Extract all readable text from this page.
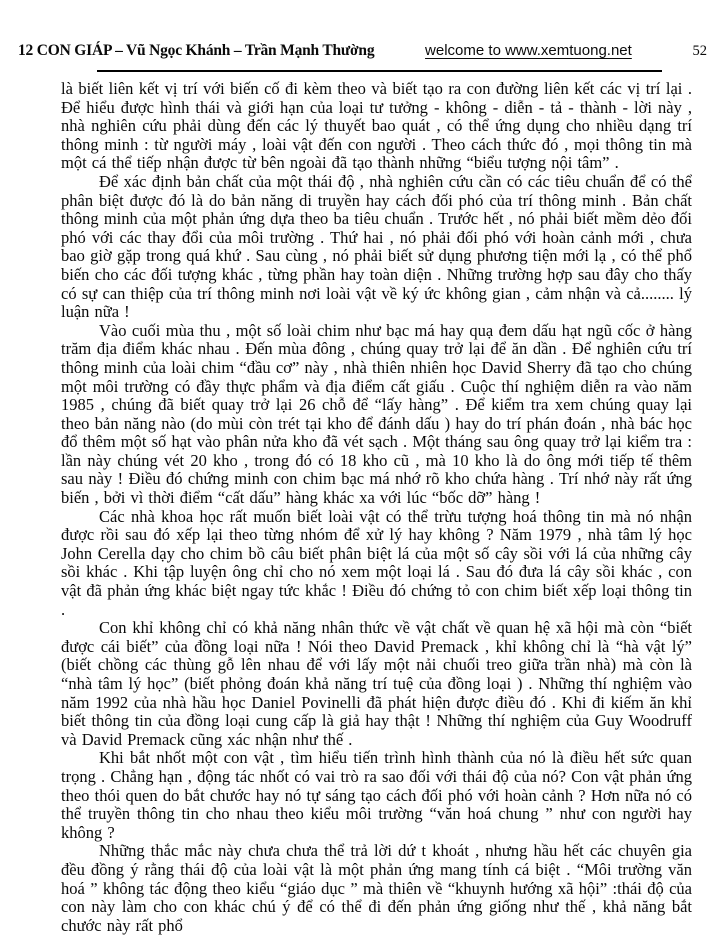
12 CON GIÁP – Vũ Ngọc Khánh – Trần Mạnh Thường	welcome to www.xemtuong.net	52

là biết liên kết vị trí với biến cố đi kèm theo và biết tạo ra con đường liên kết các vị trí lại . Để hiểu được hình thái và giới hạn của loại tư tưởng - không - diễn - tả - thành - lời này , nhà nghiên cứu phải dùng đến các lý thuyết bao quát , có thể ứng dụng cho nhiều dạng trí thông minh : từ người máy , loài vật đến con người . Theo cách thức đó , mọi thông tin mà một cá thể tiếp nhận được từ bên ngoài đã tạo thành những “biểu tượng nội tâm” .

Để xác định bản chất của một thái độ , nhà nghiên cứu cần có các tiêu chuẩn để có thể phân biệt được đó là do bản năng di truyền hay cách đối phó của trí thông minh . Bản chất thông minh của một phản ứng dựa theo ba tiêu chuẩn . Trước hết , nó phải biết mềm dẻo đối phó với các thay đổi của môi trường . Thứ hai , nó phải đối phó với hoàn cảnh mới , chưa bao giờ gặp trong quá khứ . Sau cùng , nó phải biết sử dụng phương tiện mới lạ , có thể phổ biến cho các đối tượng khác , từng phần hay toàn diện . Những trường hợp sau đây cho thấy có sự can thiệp của trí thông minh nơi loài vật về ký ức không gian , cảm nhận và cả........ lý luận nữa !

Vào cuối mùa thu , một số loài chim như bạc má hay quạ đem dấu hạt ngũ cốc ở hàng trăm địa điểm khác nhau . Đến mùa đông , chúng quay trở lại để ăn dần . Để nghiên cứu trí thông minh của loài chim “đầu cơ” này , nhà thiên nhiên học David Sherry đã tạo cho chúng một môi trường có đầy thực phẩm và địa điểm cất giấu . Cuộc thí nghiệm diễn ra vào năm 1985 , chúng đã biết quay trở lại 26 chỗ để “lấy hàng” . Để kiểm tra xem chúng quay lại theo bản năng nào (do mùi còn trét tại kho để đánh dấu ) hay do trí phán đoán , nhà bác học đổ thêm một số hạt vào phân nửa kho đã vét sạch . Một tháng sau ông quay trở lại kiểm tra : lần này chúng vét 20 kho , trong đó có 18 kho cũ , mà 10 kho là do ông mới tiếp tế thêm sau này ! Điều đó chứng minh con chim bạc má nhớ rõ kho chứa hàng . Trí nhớ này rất ứng biến , bởi vì thời điểm “cất dấu” hàng khác xa với lúc “bốc dỡ” hàng !

Các nhà khoa học rất muốn biết loài vật có thể trừu tượng hoá thông tin mà nó nhận được rồi sau đó xếp lại theo từng nhóm để xử lý hay không ? Năm 1979 , nhà tâm lý học John Cerella dạy cho chim bồ câu biết phân biệt lá của một số cây sồi với lá của những cây sồi khác . Khi tập luyện ông chỉ cho nó xem một loại lá . Sau đó đưa lá cây sồi khác , con vật đã phản ứng khác biệt ngay tức khắc ! Điều đó chứng tỏ con chim biết xếp loại thông tin .

Con khỉ không chỉ có khả năng nhân thức về vật chất về quan hệ xã hội mà còn “biết được cái biết” của đồng loại nữa ! Nói theo David Premack , khỉ không chỉ là “hà vật lý” (biết chồng các thùng gỗ lên nhau để với lấy một nải chuối treo giữa trần nhà) mà còn là “nhà tâm lý học” (biết phỏng đoán khả năng trí tuệ của đồng loại ) . Những thí nghiệm vào năm 1992 của nhà hầu học Daniel Povinelli đã phát hiện được điều đó . Khi đi kiếm ăn khỉ biết thông tin của đồng loại cung cấp là giả hay thật ! Những thí nghiệm của Guy Woodruff và David Premack cũng xác nhận như thế .

Khi bắt nhốt một con vật , tìm hiểu tiến trình hình thành của nó là điều hết sức quan trọng . Chẳng hạn , động tác nhốt có vai trò ra sao đối với thái độ của nó? Con vật phản ứng theo thói quen do bắt chước hay nó tự sáng tạo cách đối phó với hoàn cảnh ? Hơn nữa nó có thể truyền thông tin cho nhau theo kiểu môi trường “văn hoá chung ” như con người hay không ?

Những thắc mắc này chưa chưa thể trả lời dứ t khoát , nhưng hầu hết các chuyên gia đều đồng ý rằng thái độ của loài vật là một phản ứng mang tính cá biệt . “Môi trường văn hoá ” không tác động theo kiểu “giáo dục ” mà thiên về “khuynh hướng xã hội” :thái độ của con này làm cho con khác chú ý để có thể đi đến phản ứng giống như thế , khả năng bắt chước này rất phổ
